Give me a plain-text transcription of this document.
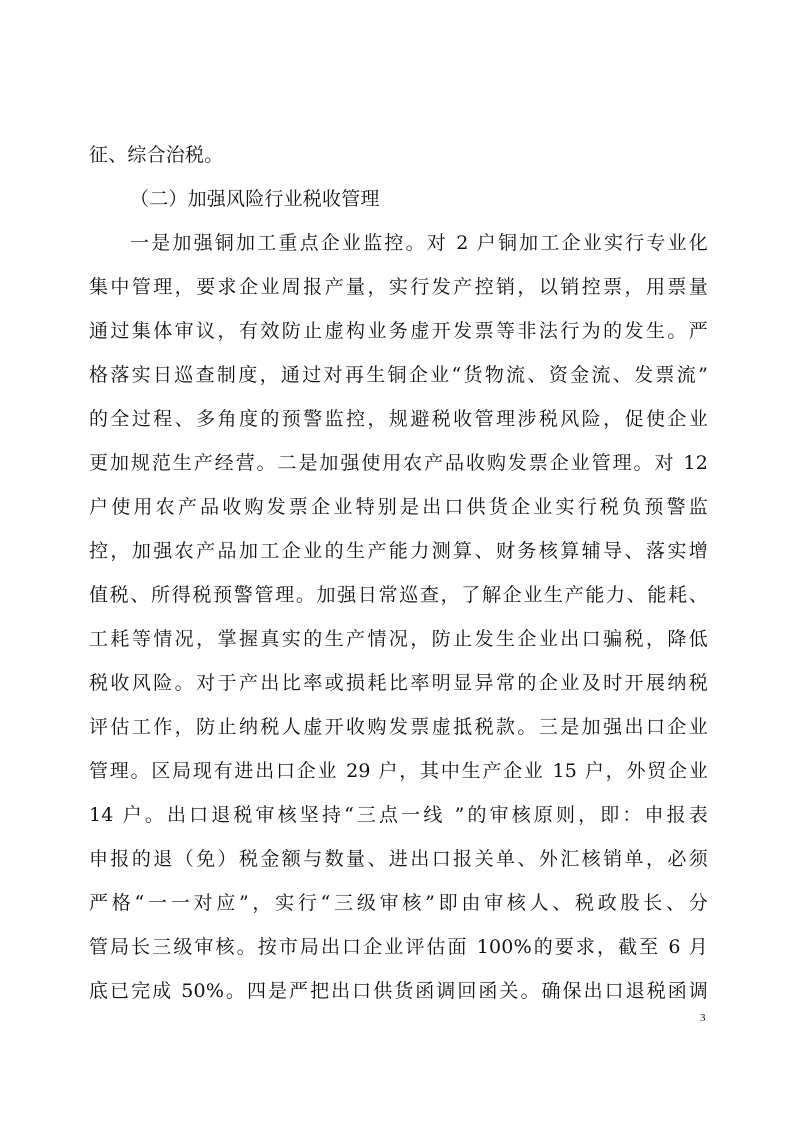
征、综合治税。
（二）加强风险行业税收管理
一是加强铜加工重点企业监控。对 2 户铜加工企业实行专业化
集中管理，要求企业周报产量，实行发产控销，以销控票，用票量
通过集体审议，有效防止虚构业务虚开发票等非法行为的发生。严
格落实日巡查制度，通过对再生铜企业“货物流、资金流、发票流”
的全过程、多角度的预警监控，规避税收管理涉税风险，促使企业
更加规范生产经营。二是加强使用农产品收购发票企业管理。对 12
户使用农产品收购发票企业特别是出口供货企业实行税负预警监
控，加强农产品加工企业的生产能力测算、财务核算辅导、落实增
值税、所得税预警管理。加强日常巡查，了解企业生产能力、能耗、
工耗等情况，掌握真实的生产情况，防止发生企业出口骗税，降低
税收风险。对于产出比率或损耗比率明显异常的企业及时开展纳税
评估工作，防止纳税人虚开收购发票虚抵税款。三是加强出口企业
管理。区局现有进出口企业 29 户，其中生产企业 15 户，外贸企业
14 户。出口退税审核坚持“三点一线 ”的审核原则，即：申报表
申报的退（免）税金额与数量、进出口报关单、外汇核销单，必须
严格“一一对应”，实行“三级审核”即由审核人、税政股长、分
管局长三级审核。按市局出口企业评估面 100%的要求，截至 6 月
底已完成 50%。四是严把出口供货函调回函关。确保出口退税函调
3
